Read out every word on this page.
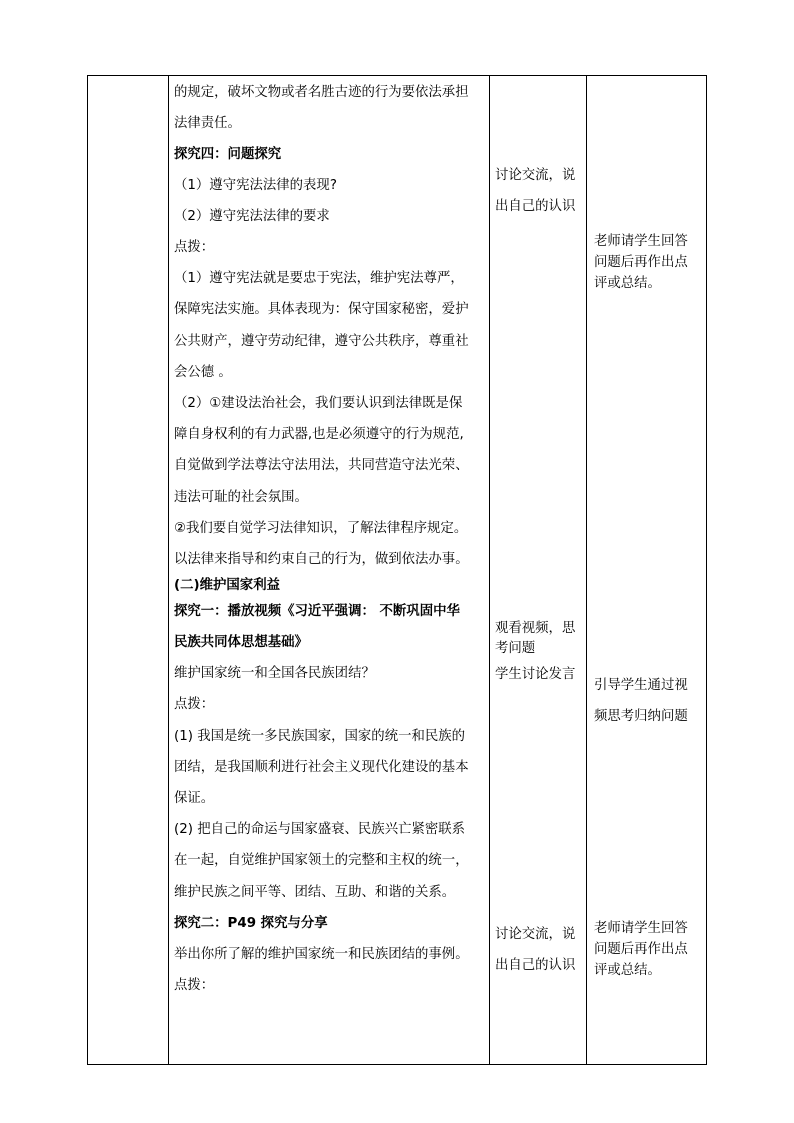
的规定，破坏文物或者名胜古迹的行为要依法承担
法律责任。
探究四：问题探究
（1）遵守宪法法律的表现?
（2）遵守宪法法律的要求
点拨：
（1）遵守宪法就是要忠于宪法，维护宪法尊严，
保障宪法实施。具体表现为：保守国家秘密，爱护
公共财产，遵守劳动纪律，遵守公共秩序，尊重社
会公德 。
（2）①建设法治社会，我们要认识到法律既是保
障自身权利的有力武器,也是必须遵守的行为规范,
自觉做到学法尊法守法用法，共同营造守法光荣、
违法可耻的社会氛围。
②我们要自觉学习法律知识，了解法律程序规定。
以法律来指导和约束自己的行为，做到依法办事。
(二)维护国家利益
探究一：播放视频《习近平强调： 不断巩固中华
民族共同体思想基础》
维护国家统一和全国各民族团结？
点拨：
(1) 我国是统一多民族国家，国家的统一和民族的
团结，是我国顺利进行社会主义现代化建设的基本
保证。
(2) 把自己的命运与国家盛衰、民族兴亡紧密联系
在一起，自觉维护国家领土的完整和主权的统一，
维护民族之间平等、团结、互助、和谐的关系。
探究二：P49 探究与分享
举出你所了解的维护国家统一和民族团结的事例。
点拨：
讨论交流，说
出自己的认识
观看视频，思
考问题
学生讨论发言
讨论交流，说
出自己的认识
老师请学生回答
问题后再作出点
评或总结。
引导学生通过视
频思考归纳问题
老师请学生回答
问题后再作出点
评或总结。
